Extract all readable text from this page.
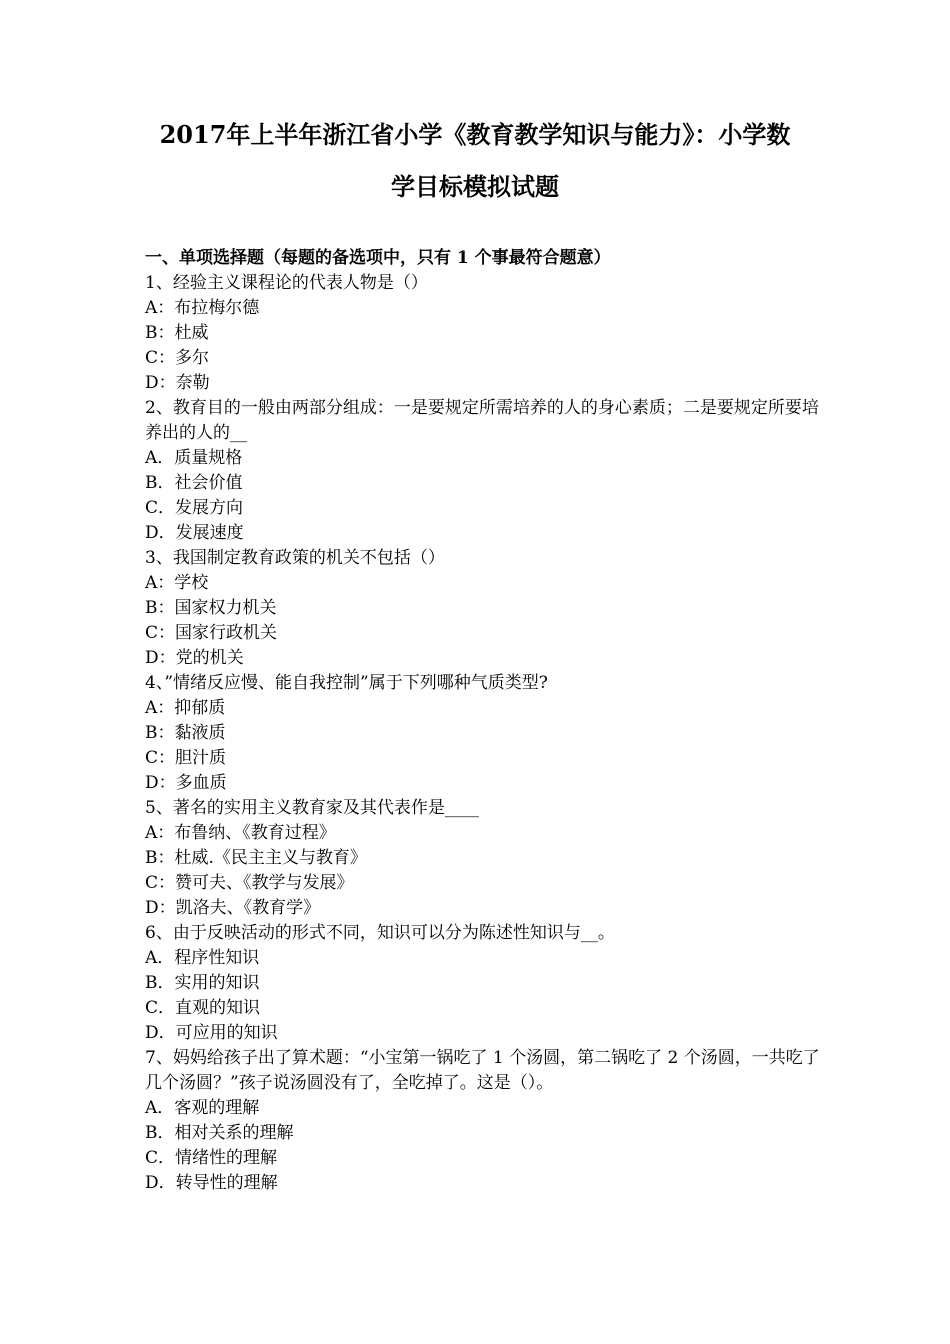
2017年上半年浙江省小学《教育教学知识与能力》：小学数
学目标模拟试题
一、单项选择题（每题的备选项中，只有 1 个事最符合题意）
1、经验主义课程论的代表人物是（）
A：布拉梅尔德
B：杜威
C：多尔
D：奈勒
2、教育目的一般由两部分组成：一是要规定所需培养的人的身心素质；二是要规定所要培养出的人的__
A．质量规格
B．社会价值
C．发展方向
D．发展速度
3、我国制定教育政策的机关不包括（）
A：学校
B：国家权力机关
C：国家行政机关
D：党的机关
4、”情绪反应慢、能自我控制”属于下列哪种气质类型?
A：抑郁质
B：黏液质
C：胆汁质
D：多血质
5、著名的实用主义教育家及其代表作是____
A：布鲁纳、《教育过程》
B：杜威.《民主主义与教育》
C：赞可夫、《教学与发展》
D：凯洛夫、《教育学》
6、由于反映活动的形式不同，知识可以分为陈述性知识与__。
A．程序性知识
B．实用的知识
C．直观的知识
D．可应用的知识
7、妈妈给孩子出了算术题：“小宝第一锅吃了 1 个汤圆，第二锅吃了 2 个汤圆，一共吃了几个汤圆？”孩子说汤圆没有了，全吃掉了。这是（）。
A．客观的理解
B．相对关系的理解
C．情绪性的理解
D．转导性的理解
